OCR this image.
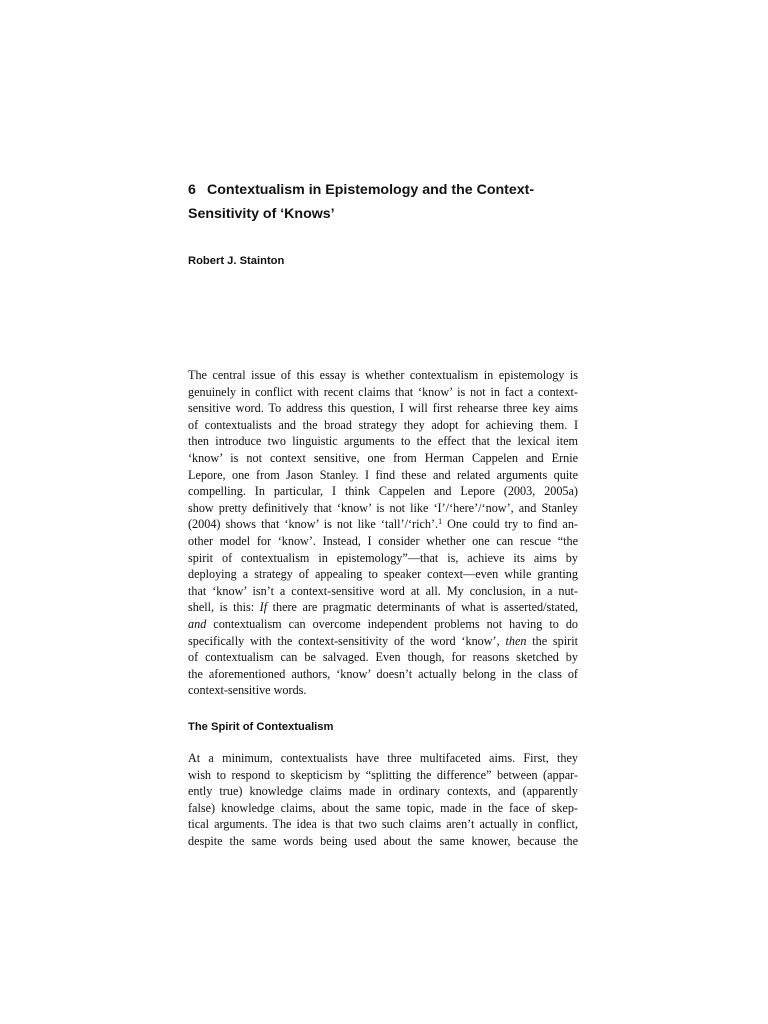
6 Contextualism in Epistemology and the Context-
Sensitivity of ‘Knows’

Robert J. Stainton

The central issue of this essay is whether contextualism in epistemology is
genuinely in conflict with recent claims that ‘know’ is not in fact a context-
sensitive word. To address this question, I will first rehearse three key aims
of contextualists and the broad strategy they adopt for achieving them. I
then introduce two linguistic arguments to the effect that the lexical item
‘know’ is not context sensitive, one from Herman Cappelen and Ernie
Lepore, one from Jason Stanley. I find these and related arguments quite
compelling. In particular, I think Cappelen and Lepore (2003, 2005a)
show pretty definitively that ‘know’ is not like ‘I’/‘here’/‘now’, and Stanley
(2004) shows that ‘know’ is not like ‘tall’/‘rich’.$^1$ One could try to find an-
other model for ‘know’. Instead, I consider whether one can rescue “the
spirit of contextualism in epistemology”—that is, achieve its aims by
deploying a strategy of appealing to speaker context—even while granting
that ‘know’ isn’t a context-sensitive word at all. My conclusion, in a nut-
shell, is this: If there are pragmatic determinants of what is asserted/stated,
and contextualism can overcome independent problems not having to do
specifically with the context-sensitivity of the word ‘know’, then the spirit
of contextualism can be salvaged. Even though, for reasons sketched by
the aforementioned authors, ‘know’ doesn’t actually belong in the class of
context-sensitive words.
The Spirit of Contextualism
At a minimum, contextualists have three multifaceted aims. First, they
wish to respond to skepticism by “splitting the difference” between (appar-
ently true) knowledge claims made in ordinary contexts, and (apparently
false) knowledge claims, about the same topic, made in the face of skep-
tical arguments. The idea is that two such claims aren’t actually in conflict,
despite the same words being used about the same knower, because the
